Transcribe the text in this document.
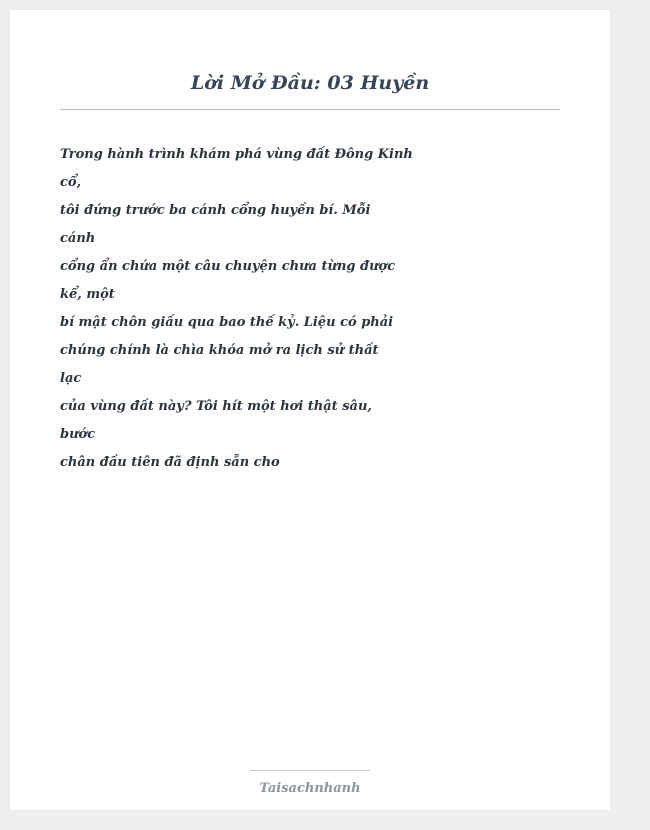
Lời Mở Đầu: 03 Huyền
Trong hành trình khám phá vùng đất Đông Kinh
cổ,
tôi đứng trước ba cánh cổng huyền bí. Mỗi
cánh
cổng ẩn chứa một câu chuyện chưa từng được
kể, một
bí mật chôn giấu qua bao thế kỷ. Liệu có phải
chúng chính là chìa khóa mở ra lịch sử thất
lạc
của vùng đất này? Tôi hít một hơi thật sâu,
bước
chân đầu tiên đã định sẵn cho
Taisachnhanh
